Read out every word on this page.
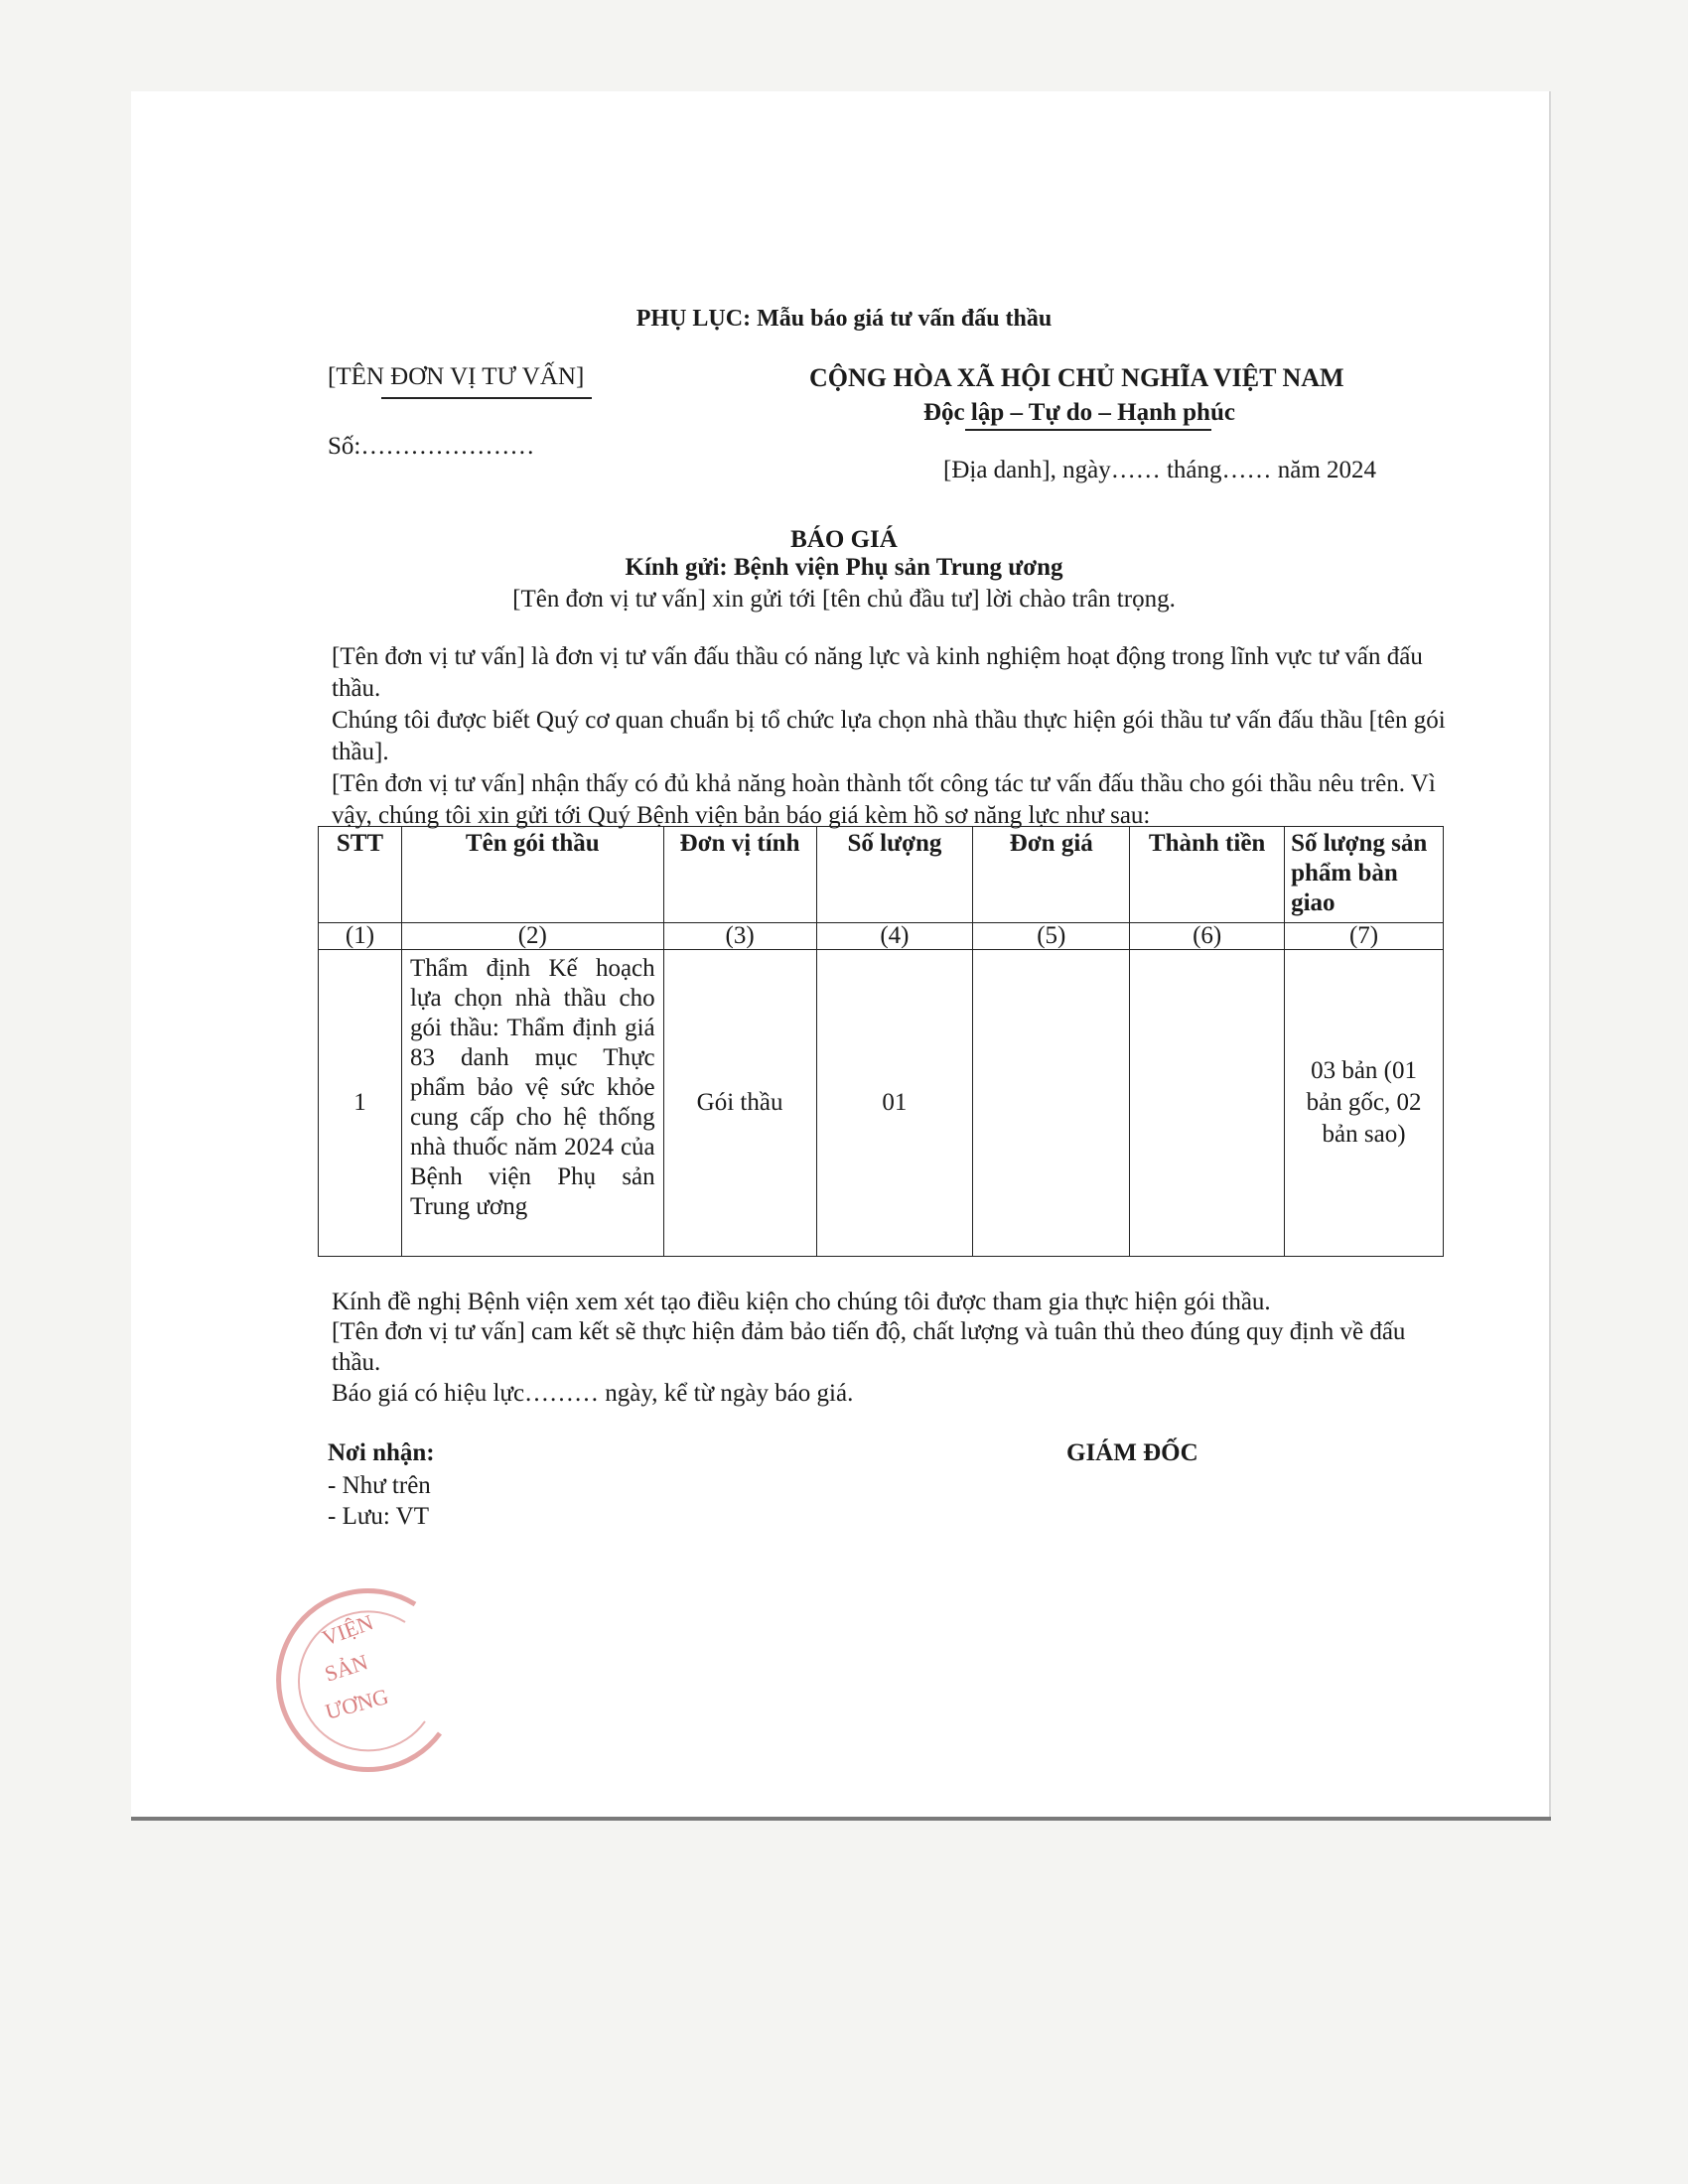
PHỤ LỤC: Mẫu báo giá tư vấn đấu thầu
[TÊN ĐƠN VỊ TƯ VẤN]
Số:…………………
CỘNG HÒA XÃ HỘI CHỦ NGHĨA VIỆT NAM
Độc lập – Tự do – Hạnh phúc
[Địa danh], ngày…… tháng…… năm 2024
BÁO GIÁ
Kính gửi: Bệnh viện Phụ sản Trung ương
[Tên đơn vị tư vấn] xin gửi tới [tên chủ đầu tư] lời chào trân trọng.
[Tên đơn vị tư vấn] là đơn vị tư vấn đấu thầu có năng lực và kinh nghiệm hoạt động trong lĩnh vực tư vấn đấu thầu.
Chúng tôi được biết Quý cơ quan chuẩn bị tổ chức lựa chọn nhà thầu thực hiện gói thầu tư vấn đấu thầu [tên gói thầu].
[Tên đơn vị tư vấn] nhận thấy có đủ khả năng hoàn thành tốt công tác tư vấn đấu thầu cho gói thầu nêu trên. Vì vậy, chúng tôi xin gửi tới Quý Bệnh viện bản báo giá kèm hồ sơ năng lực như sau:
STT	Tên gói thầu	Đơn vị tính	Số lượng	Đơn giá	Thành tiền	Số lượng sản phẩm bàn giao
(1)	(2)	(3)	(4)	(5)	(6)	(7)
1	Thẩm định Kế hoạch lựa chọn nhà thầu cho gói thầu: Thẩm định giá 83 danh mục Thực phẩm bảo vệ sức khỏe cung cấp cho hệ thống nhà thuốc năm 2024 của Bệnh viện Phụ sản Trung ương	Gói thầu	01			03 bản (01 bản gốc, 02 bản sao)
Kính đề nghị Bệnh viện xem xét tạo điều kiện cho chúng tôi được tham gia thực hiện gói thầu.
[Tên đơn vị tư vấn] cam kết sẽ thực hiện đảm bảo tiến độ, chất lượng và tuân thủ theo đúng quy định về đấu thầu.
Báo giá có hiệu lực……… ngày, kể từ ngày báo giá.
Nơi nhận:
- Như trên
- Lưu: VT
GIÁM ĐỐC
VIỆN
SẢN
ƯƠNG
